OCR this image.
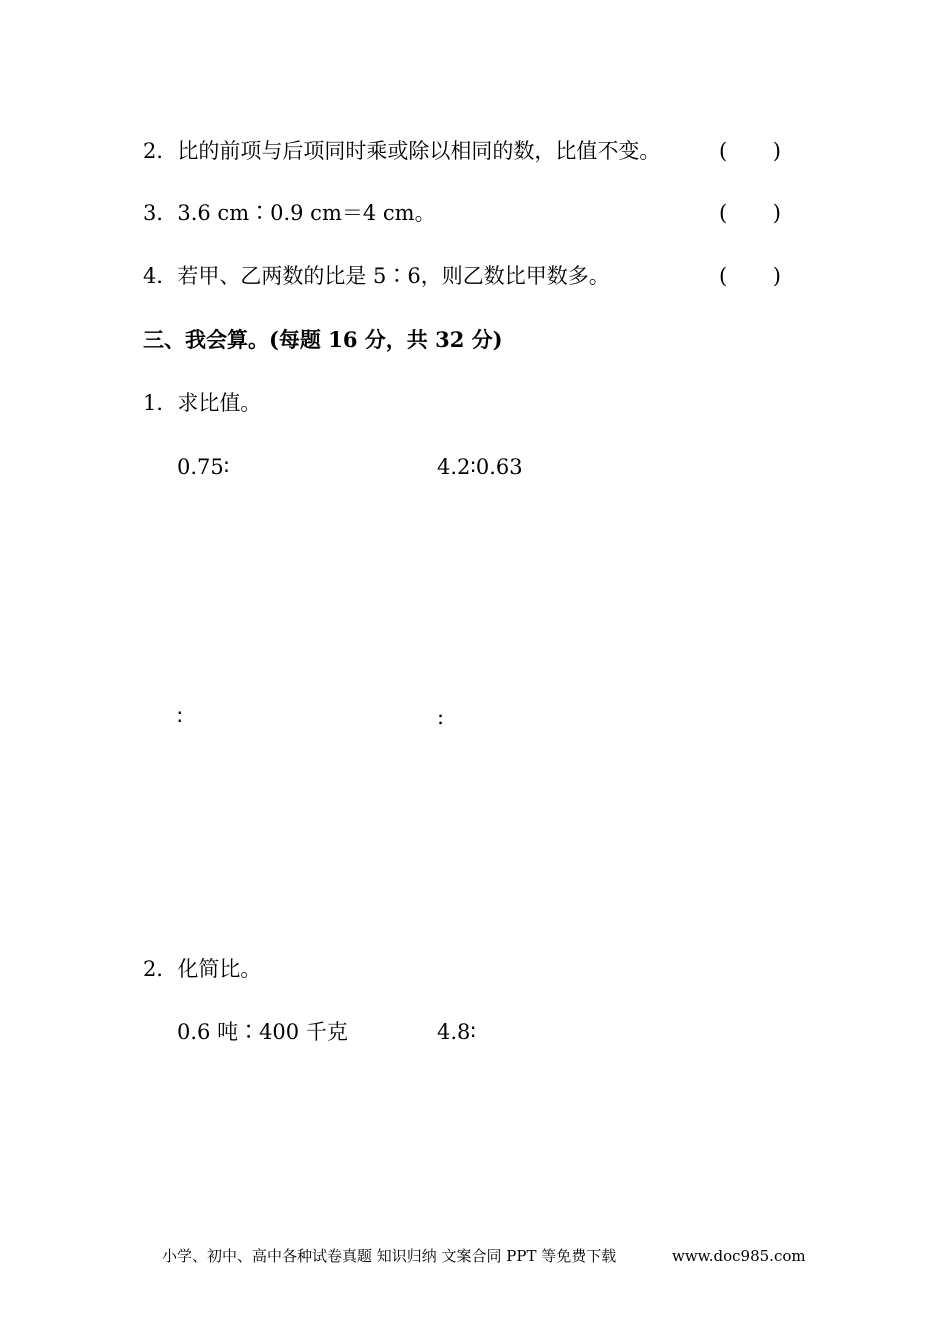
2．比的前项与后项同时乘或除以相同的数，比值不变。	( )
3．3.6 cm∶0.9 cm＝4 cm。	( )
4．若甲、乙两数的比是 5∶6，则乙数比甲数多。	( )
三、我会算。(每题 16 分，共 32 分)
1．求比值。
0.75∶	4.2∶0.63
∶	:
2．化简比。
0.6 吨∶400 千克	4.8∶
小学、初中、高中各种试卷真题 知识归纳 文案合同 PPT 等免费下载	www.doc985.com
